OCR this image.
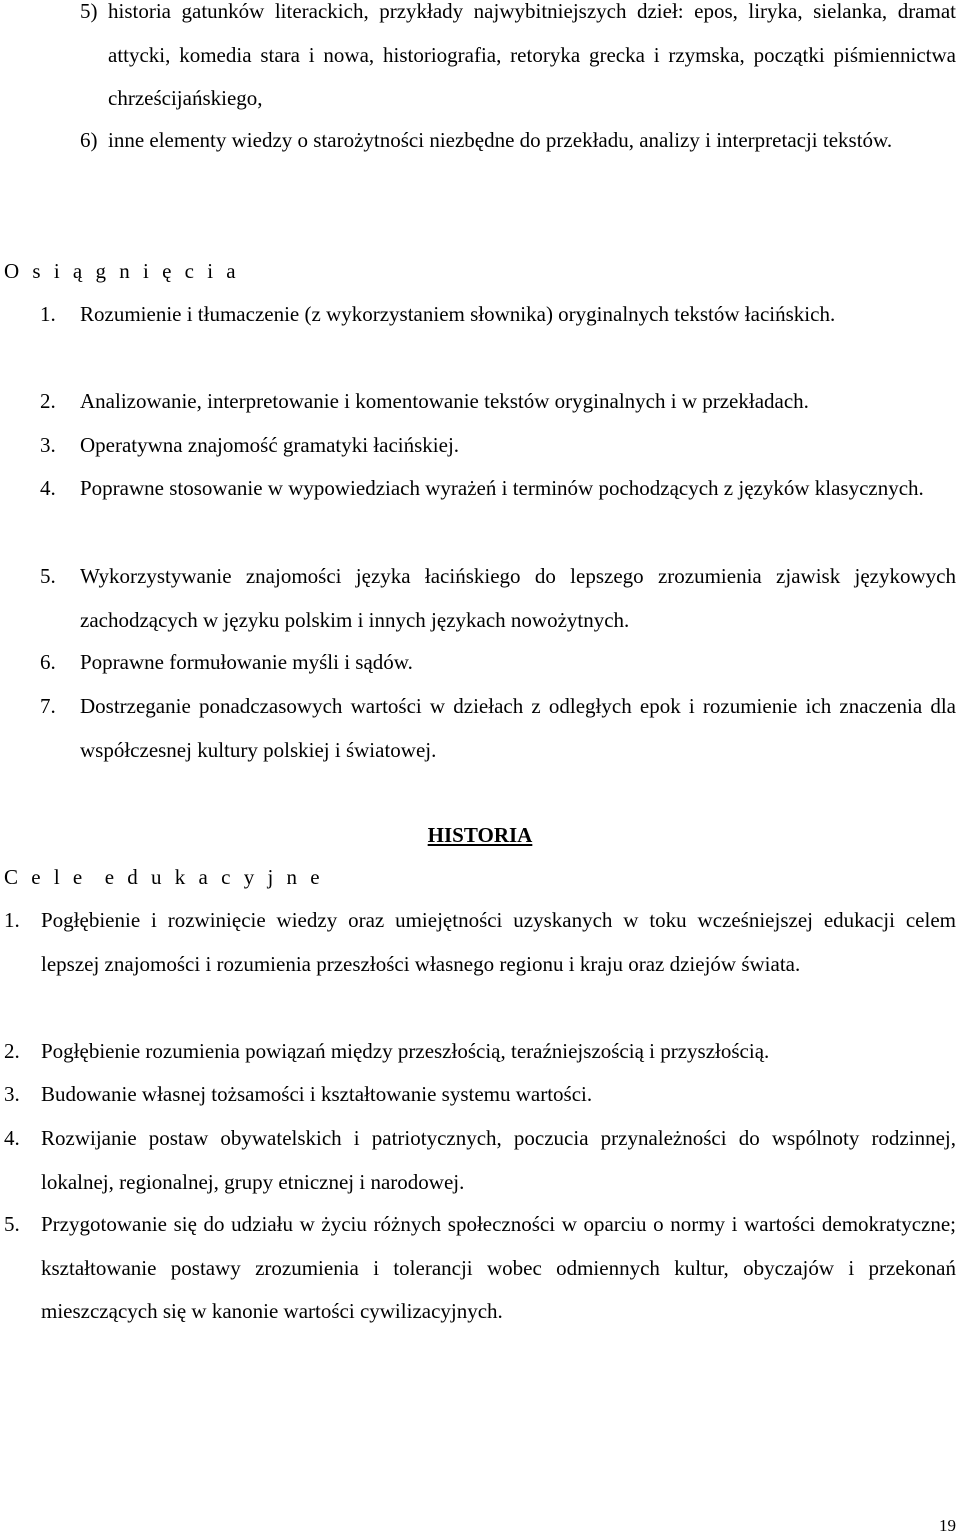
5) historia gatunków literackich, przykłady najwybitniejszych dzieł: epos, liryka, sielanka, dramat attycki, komedia stara i nowa, historiografia, retoryka grecka i rzymska, początki piśmiennictwa chrześcijańskiego,
6) inne elementy wiedzy o starożytności niezbędne do przekładu, analizy i interpretacji tekstów.
O s i ą g n i ę c i a
1.	Rozumienie i tłumaczenie (z wykorzystaniem słownika) oryginalnych tekstów łacińskich.
2.	Analizowanie, interpretowanie i komentowanie tekstów oryginalnych i w przekładach.
3.	Operatywna znajomość gramatyki łacińskiej.
4.	Poprawne stosowanie w wypowiedziach wyrażeń i terminów pochodzących z języków klasycznych.
5.	Wykorzystywanie znajomości języka łacińskiego do lepszego zrozumienia zjawisk językowych zachodzących w języku polskim i innych językach nowożytnych.
6.	Poprawne formułowanie myśli i sądów.
7.	Dostrzeganie ponadczasowych wartości w dziełach z odległych epok i rozumienie ich znaczenia dla współczesnej kultury polskiej i światowej.
HISTORIA
C e l e  e d u k a c y j n e
1.	Pogłębienie i rozwinięcie wiedzy oraz umiejętności uzyskanych w toku wcześniejszej edukacji celem lepszej znajomości i rozumienia przeszłości własnego regionu i kraju oraz dziejów świata.
2.	Pogłębienie rozumienia powiązań między przeszłością, teraźniejszością i przyszłością.
3.	Budowanie własnej tożsamości i kształtowanie systemu wartości.
4.	Rozwijanie postaw obywatelskich i patriotycznych, poczucia przynależności do wspólnoty rodzinnej, lokalnej, regionalnej, grupy etnicznej i narodowej.
5.	Przygotowanie się do udziału w życiu różnych społeczności w oparciu o normy i wartości demokratyczne; kształtowanie postawy zrozumienia i tolerancji wobec odmiennych kultur, obyczajów i przekonań mieszczących się w kanonie wartości cywilizacyjnych.
19
